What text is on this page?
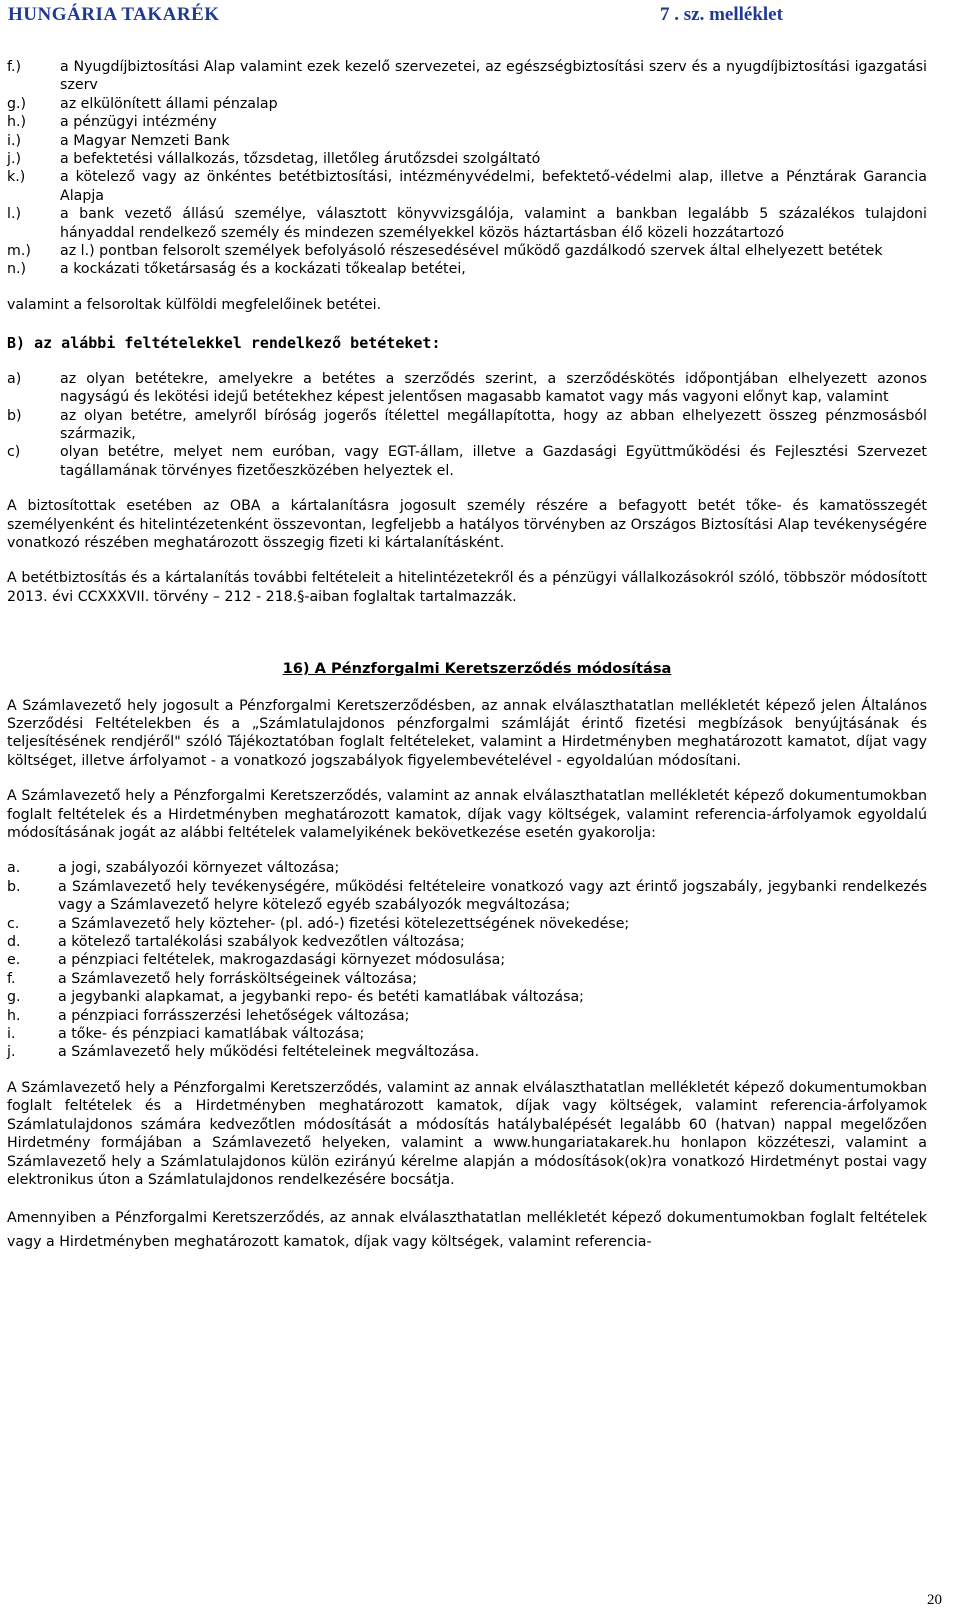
HUNGÁRIA TAKARÉK	7 . sz. melléklet
f.)	a Nyugdíjbiztosítási Alap valamint ezek kezelő szervezetei, az egészségbiztosítási szerv és a nyugdíjbiztosítási igazgatási szerv
g.)	az elkülönített állami pénzalap
h.)	a pénzügyi intézmény
i.)	a Magyar Nemzeti Bank
j.)	a befektetési vállalkozás, tőzsdetag, illetőleg árutőzsdei szolgáltató
k.)	a kötelező vagy az önkéntes betétbiztosítási, intézményvédelmi, befektető-védelmi alap, illetve a Pénztárak Garancia Alapja
l.)	a bank vezető állású személye, választott könyvvizsgálója, valamint a bankban legalább 5 százalékos tulajdoni hányaddal rendelkező személy és mindezen személyekkel közös háztartásban élő közeli hozzátartozó
m.)	az l.) pontban felsorolt személyek befolyásoló részesedésével működő gazdálkodó szervek által elhelyezett betétek
n.)	a kockázati tőketársaság és a kockázati tőkealap betétei,

valamint a felsoroltak külföldi megfelelőinek betétei.

B) az alábbi feltételekkel rendelkező betéteket:

a)	az olyan betétekre, amelyekre a betétes a szerződés szerint, a szerződéskötés időpontjában elhelyezett azonos nagyságú és lekötési idejű betétekhez képest jelentősen magasabb kamatot vagy más vagyoni előnyt kap, valamint
b)	az olyan betétre, amelyről bíróság jogerős ítélettel megállapította, hogy az abban elhelyezett összeg pénzmosásból származik,
c)	olyan betétre, melyet nem euróban, vagy EGT-állam, illetve a Gazdasági Együttműködési és Fejlesztési Szervezet tagállamának törvényes fizetőeszközében helyeztek el.

A biztosítottak esetében az OBA a kártalanításra jogosult személy részére a befagyott betét tőke- és kamatösszegét személyenként és hitelintézetenként összevontan, legfeljebb a hatályos törvényben az Országos Biztosítási Alap tevékenységére vonatkozó részében meghatározott összegig fizeti ki kártalanításként.

A betétbiztosítás és a kártalanítás további feltételeit a hitelintézetekről és a pénzügyi vállalkozásokról szóló, többször módosított 2013. évi CCXXXVII. törvény – 212 - 218.§-aiban foglaltak tartalmazzák.

16) A Pénzforgalmi Keretszerződés módosítása

A Számlavezető hely jogosult a Pénzforgalmi Keretszerződésben, az annak elválaszthatatlan mellékletét képező jelen Általános Szerződési Feltételekben és a „Számlatulajdonos pénzforgalmi számláját érintő fizetési megbízások benyújtásának és teljesítésének rendjéről" szóló Tájékoztatóban foglalt feltételeket, valamint a Hirdetményben meghatározott kamatot, díjat vagy költséget, illetve árfolyamot - a vonatkozó jogszabályok figyelembevételével - egyoldalúan módosítani.

A Számlavezető hely a Pénzforgalmi Keretszerződés, valamint az annak elválaszthatatlan mellékletét képező dokumentumokban foglalt feltételek és a Hirdetményben meghatározott kamatok, díjak vagy költségek, valamint referencia-árfolyamok egyoldalú módosításának jogát az alábbi feltételek valamelyikének bekövetkezése esetén gyakorolja:

a.	a jogi, szabályozói környezet változása;
b.	a Számlavezető hely tevékenységére, működési feltételeire vonatkozó vagy azt érintő jogszabály, jegybanki rendelkezés vagy a Számlavezető helyre kötelező egyéb szabályozók megváltozása;
c.	a Számlavezető hely közteher- (pl. adó-) fizetési kötelezettségének növekedése;
d.	a kötelező tartalékolási szabályok kedvezőtlen változása;
e.	a pénzpiaci feltételek, makrogazdasági környezet módosulása;
f.	a Számlavezető hely forrásköltségeinek változása;
g.	a jegybanki alapkamat, a jegybanki repo- és betéti kamatlábak változása;
h.	a pénzpiaci forrásszerzési lehetőségek változása;
i.	a tőke- és pénzpiaci kamatlábak változása;
j.	a Számlavezető hely működési feltételeinek megváltozása.

A Számlavezető hely a Pénzforgalmi Keretszerződés, valamint az annak elválaszthatatlan mellékletét képező dokumentumokban foglalt feltételek és a Hirdetményben meghatározott kamatok, díjak vagy költségek, valamint referencia-árfolyamok Számlatulajdonos számára kedvezőtlen módosítását a módosítás hatálybalépését legalább 60 (hatvan) nappal megelőzően Hirdetmény formájában a Számlavezető helyeken, valamint a www.hungariatakarek.hu honlapon közzéteszi, valamint a Számlavezető hely a Számlatulajdonos külön ezirányú kérelme alapján a módosítások(ok)ra vonatkozó Hirdetményt postai vagy elektronikus úton a Számlatulajdonos rendelkezésére bocsátja.

Amennyiben a Pénzforgalmi Keretszerződés, az annak elválaszthatatlan mellékletét képező dokumentumokban foglalt feltételek vagy a Hirdetményben meghatározott kamatok, díjak vagy költségek, valamint referencia-

20
